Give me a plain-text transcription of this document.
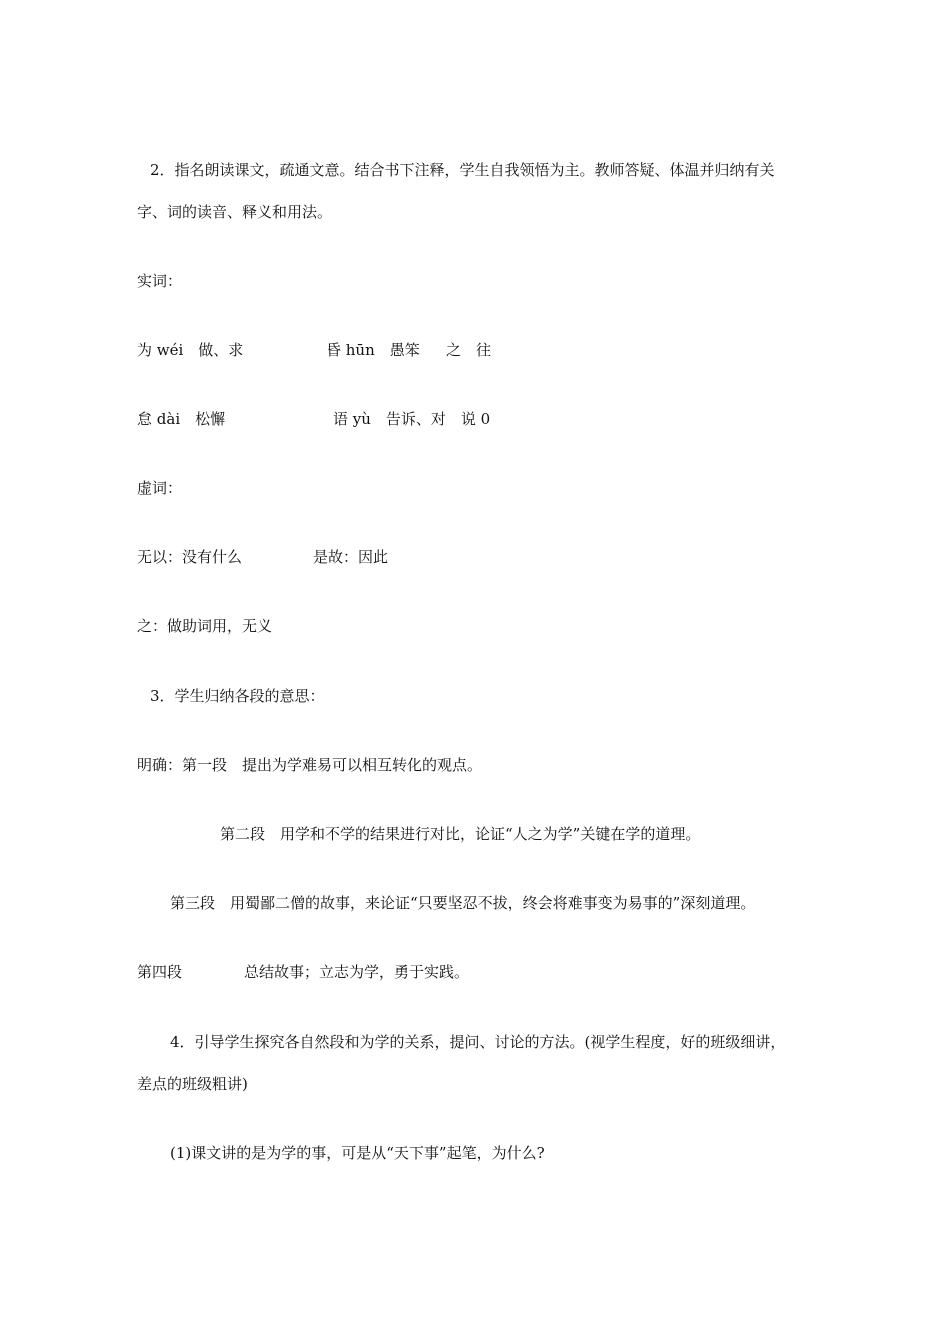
2．指名朗读课文，疏通文意。结合书下注释，学生自我领悟为主。教师答疑、体温并归纳有关
字、词的读音、释义和用法。
实词：
为 wéi　做、求	昏 hūn　愚笨 之　往
怠 dài　松懈	语 yù　告诉、对　说 0
虚词：
无以：没有什么	是故：因此
之：做助词用，无义
3．学生归纳各段的意思：
明确：第一段　提出为学难易可以相互转化的观点。
第二段　用学和不学的结果进行对比，论证“人之为学”关键在学的道理。
第三段　用蜀鄙二僧的故事，来论证“只要坚忍不拔，终会将难事变为易事的”深刻道理。
第四段	总结故事；立志为学，勇于实践。
4．引导学生探究各自然段和为学的关系，提问、讨论的方法。(视学生程度，好的班级细讲，
差点的班级粗讲)
(1)课文讲的是为学的事，可是从“天下事”起笔，为什么?
